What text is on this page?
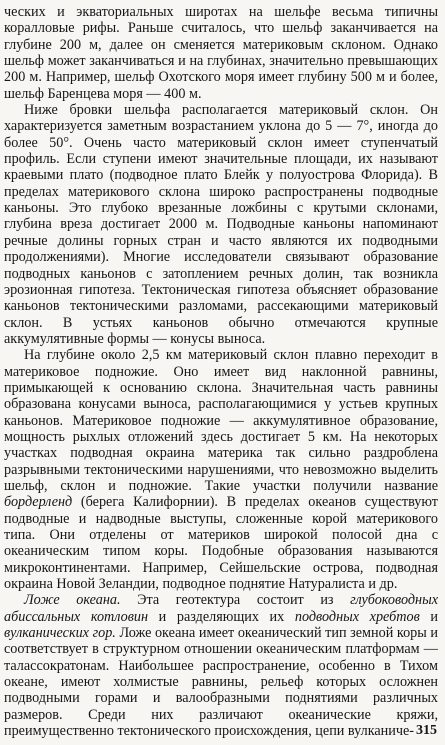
ческих и экваториальных широтах на шельфе весьма типичны коралловые рифы. Раньше считалось, что шельф заканчивается на глубине 200 м, далее он сменяется материковым склоном. Однако шельф может заканчиваться и на глубинах, значительно превышающих 200 м. Например, шельф Охотского моря имеет глубину 500 м и более, шельф Баренцева моря — 400 м.

Ниже бровки шельфа располагается материковый склон. Он характеризуется заметным возрастанием уклона до 5 — 7°, иногда до более 50°. Очень часто материковый склон имеет ступенчатый профиль. Если ступени имеют значительные площади, их называют краевыми плато (подводное плато Блейк у полуострова Флорида). В пределах материкового склона широко распространены подводные каньоны. Это глубоко врезанные ложбины с крутыми склонами, глубина вреза достигает 2000 м. Подводные каньоны напоминают речные долины горных стран и часто являются их подводными продолжениями). Многие исследователи связывают образование подводных каньонов с затоплением речных долин, так возникла эрозионная гипотеза. Тектоническая гипотеза объясняет образование каньонов тектоническими разломами, рассекающими материковый склон. В устьях каньонов обычно отмечаются крупные аккумулятивные формы — конусы выноса.

На глубине около 2,5 км материковый склон плавно переходит в материковое подножие. Оно имеет вид наклонной равнины, примыкающей к основанию склона. Значительная часть равнины образована конусами выноса, располагающимися у устьев крупных каньонов. Материковое подножие — аккумулятивное образование, мощность рыхлых отложений здесь достигает 5 км. На некоторых участках подводная окраина материка так сильно раздроблена разрывными тектоническими нарушениями, что невозможно выделить шельф, склон и подножие. Такие участки получили название бордерленд (берега Калифорнии). В пределах океанов существуют подводные и надводные выступы, сложенные корой материкового типа. Они отделены от материков широкой полосой дна с океаническим типом коры. Подобные образования называются микроконтинентами. Например, Сейшельские острова, подводная окраина Новой Зеландии, подводное поднятие Натуралиста и др.

Ложе океана. Эта геотектура состоит из глубоководных абиссальных котловин и разделяющих их подводных хребтов и вулканических гор. Ложе океана имеет океанический тип земной коры и соответствует в структурном отношении океаническим платформам — талассократонам. Наибольшее распространение, особенно в Тихом океане, имеют холмистые равнины, рельеф которых осложнен подводными горами и валообразными поднятиями различных размеров. Среди них различают океанические кряжи, преимущественно тектонического происхождения, цепи вулканиче- 315
